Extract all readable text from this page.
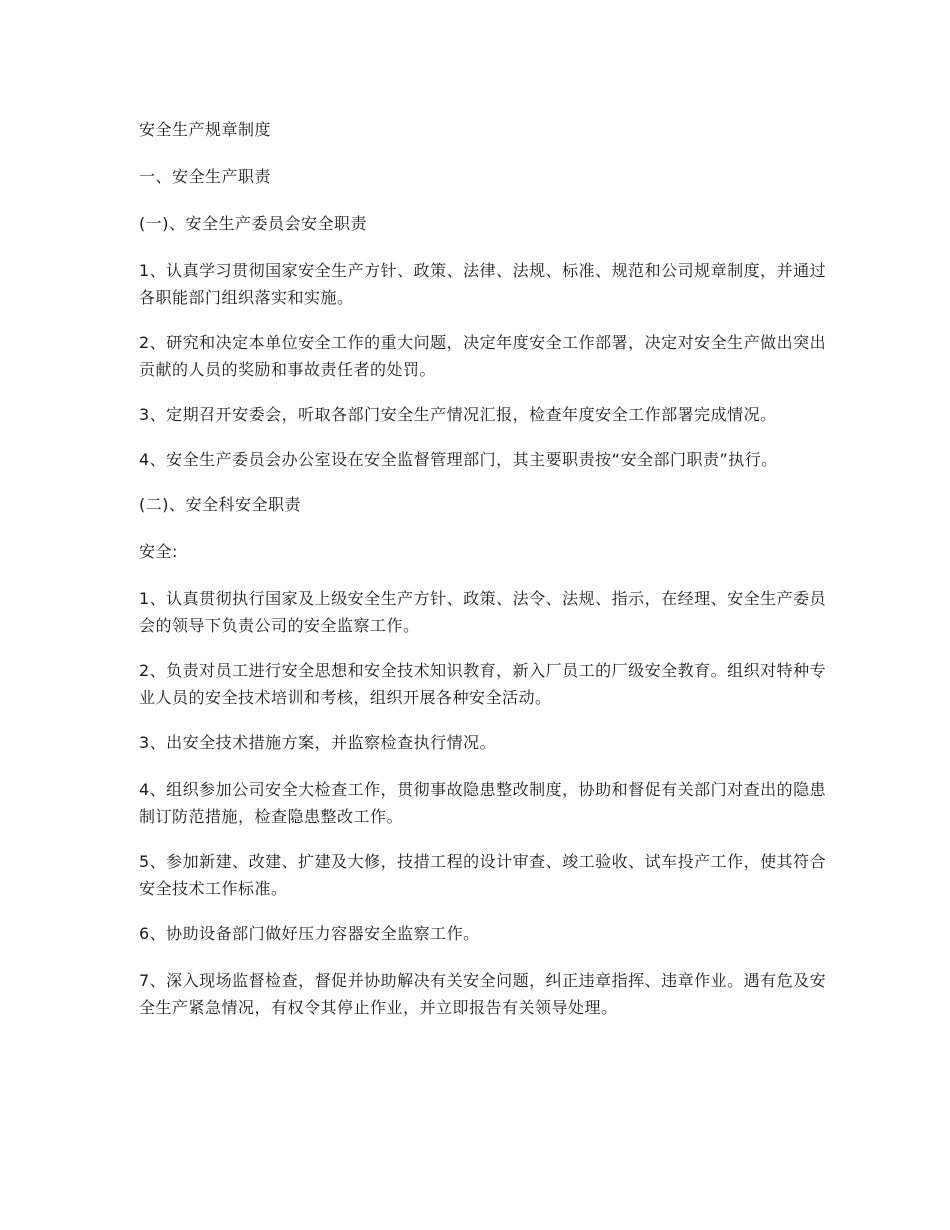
安全生产规章制度

一、安全生产职责

(一)、安全生产委员会安全职责

1、认真学习贯彻国家安全生产方针、政策、法律、法规、标准、规范和公司规章制度，并通过各职能部门组织落实和实施。

2、研究和决定本单位安全工作的重大问题，决定年度安全工作部署，决定对安全生产做出突出贡献的人员的奖励和事故责任者的处罚。

3、定期召开安委会，听取各部门安全生产情况汇报，检查年度安全工作部署完成情况。

4、安全生产委员会办公室设在安全监督管理部门，其主要职责按“安全部门职责”执行。

(二)、安全科安全职责

安全:

1、认真贯彻执行国家及上级安全生产方针、政策、法令、法规、指示，在经理、安全生产委员会的领导下负责公司的安全监察工作。

2、负责对员工进行安全思想和安全技术知识教育，新入厂员工的厂级安全教育。组织对特种专业人员的安全技术培训和考核，组织开展各种安全活动。

3、出安全技术措施方案，并监察检查执行情况。

4、组织参加公司安全大检查工作，贯彻事故隐患整改制度，协助和督促有关部门对查出的隐患制订防范措施，检查隐患整改工作。

5、参加新建、改建、扩建及大修，技措工程的设计审查、竣工验收、试车投产工作，使其符合安全技术工作标准。

6、协助设备部门做好压力容器安全监察工作。

7、深入现场监督检查，督促并协助解决有关安全问题，纠正违章指挥、违章作业。遇有危及安全生产紧急情况，有权令其停止作业，并立即报告有关领导处理。
